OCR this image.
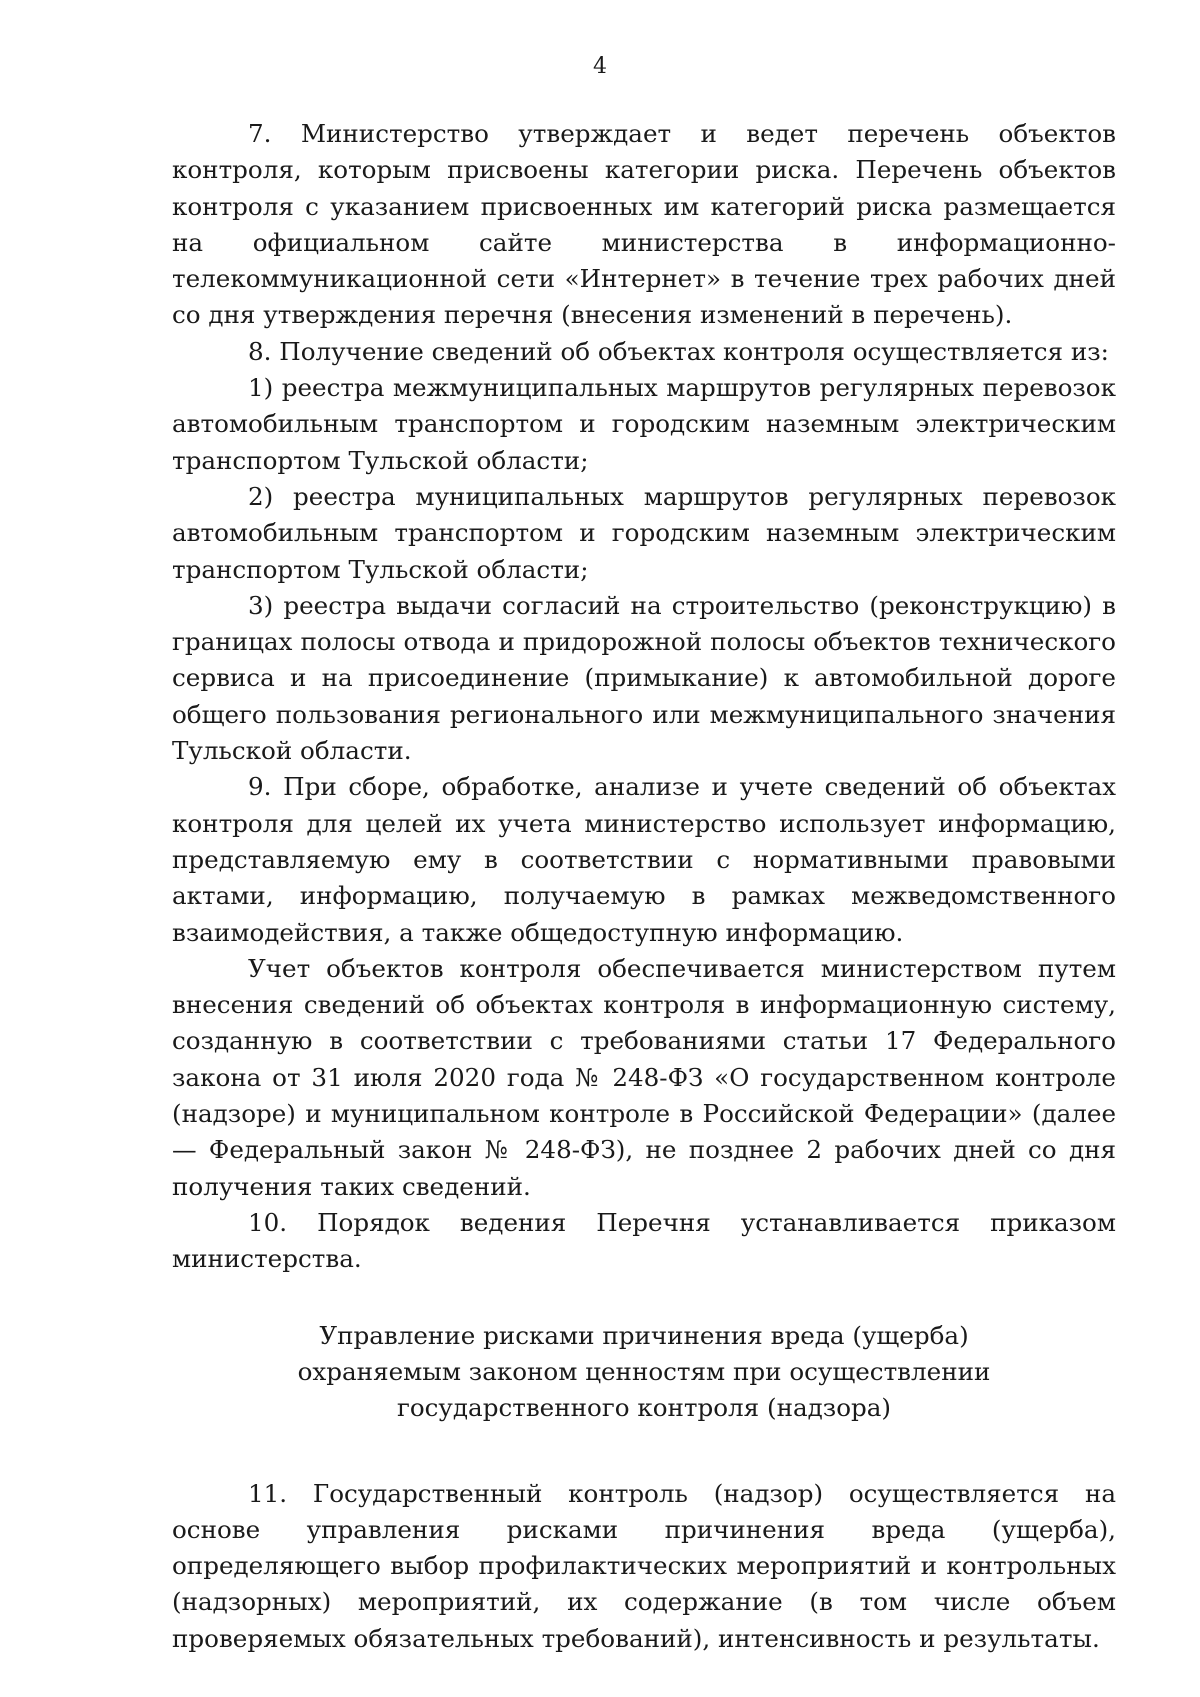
4

7. Министерство утверждает и ведет перечень объектов контроля, которым присвоены категории риска. Перечень объектов контроля с указанием присвоенных им категорий риска размещается на официальном сайте министерства в информационно-телекоммуникационной сети «Интернет» в течение трех рабочих дней со дня утверждения перечня (внесения изменений в перечень).

8. Получение сведений об объектах контроля осуществляется из:

1) реестра межмуниципальных маршрутов регулярных перевозок автомобильным транспортом и городским наземным электрическим транспортом Тульской области;

2) реестра муниципальных маршрутов регулярных перевозок автомобильным транспортом и городским наземным электрическим транспортом Тульской области;

3) реестра выдачи согласий на строительство (реконструкцию) в границах полосы отвода и придорожной полосы объектов технического сервиса и на присоединение (примыкание) к автомобильной дороге общего пользования регионального или межмуниципального значения Тульской области.

9. При сборе, обработке, анализе и учете сведений об объектах контроля для целей их учета министерство использует информацию, представляемую ему в соответствии с нормативными правовыми актами, информацию, получаемую в рамках межведомственного взаимодействия, а также общедоступную информацию.

Учет объектов контроля обеспечивается министерством путем внесения сведений об объектах контроля в информационную систему, созданную в соответствии с требованиями статьи 17 Федерального закона от 31 июля 2020 года № 248-ФЗ «О государственном контроле (надзоре) и муниципальном контроле в Российской Федерации» (далее — Федеральный закон № 248-ФЗ), не позднее 2 рабочих дней со дня получения таких сведений.

10. Порядок ведения Перечня устанавливается приказом министерства.

Управление рисками причинения вреда (ущерба)
охраняемым законом ценностям при осуществлении
государственного контроля (надзора)

11. Государственный контроль (надзор) осуществляется на основе управления рисками причинения вреда (ущерба), определяющего выбор профилактических мероприятий и контрольных (надзорных) мероприятий, их содержание (в том числе объем проверяемых обязательных требований), интенсивность и результаты.
